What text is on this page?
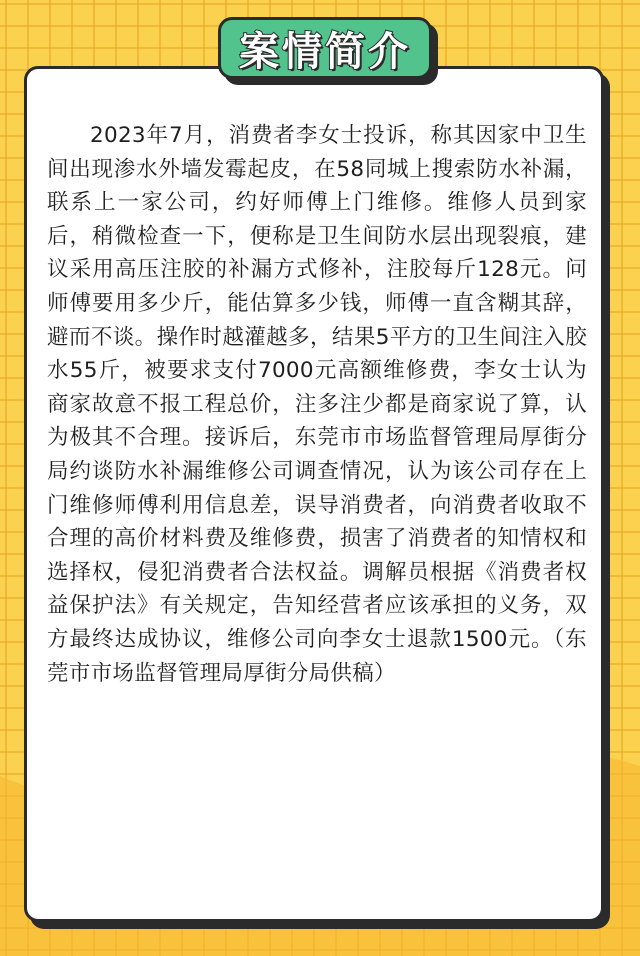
2023年7月，消费者李女士投诉，称其因家中卫生间出现渗水外墙发霉起皮，在58同城上搜索防水补漏，联系上一家公司，约好师傅上门维修。维修人员到家后，稍微检查一下，便称是卫生间防水层出现裂痕，建议采用高压注胶的补漏方式修补，注胶每斤128元。问师傅要用多少斤，能估算多少钱，师傅一直含糊其辞，避而不谈。操作时越灌越多，结果5平方的卫生间注入胶水55斤，被要求支付7000元高额维修费，李女士认为商家故意不报工程总价，注多注少都是商家说了算，认为极其不合理。接诉后，东莞市市场监督管理局厚街分局约谈防水补漏维修公司调查情况，认为该公司存在上门维修师傅利用信息差，误导消费者，向消费者收取不合理的高价材料费及维修费，损害了消费者的知情权和选择权，侵犯消费者合法权益。调解员根据《消费者权益保护法》有关规定，告知经营者应该承担的义务，双方最终达成协议，维修公司向李女士退款1500元。（东莞市市场监督管理局厚街分局供稿）

案情简介
